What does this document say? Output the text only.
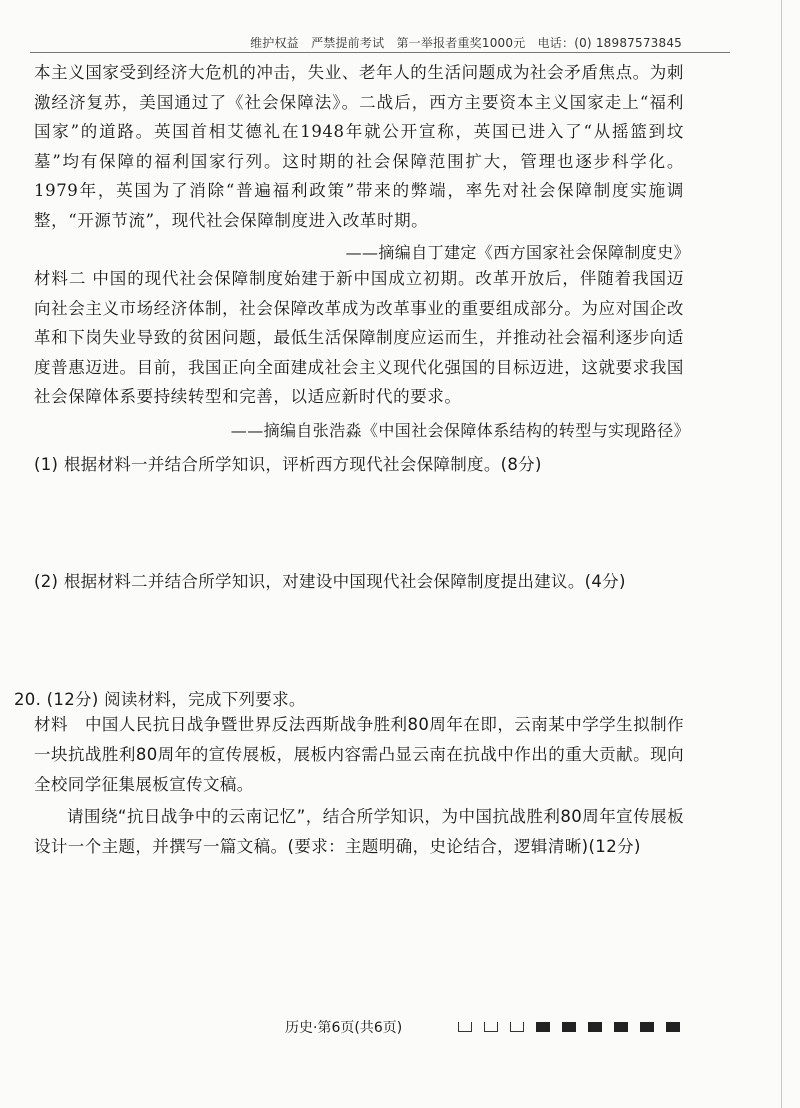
维护权益　严禁提前考试　第一举报者重奖1000元　电话：(0) 18987573845
本主义国家受到经济大危机的冲击，失业、老年人的生活问题成为社会矛盾焦点。为刺激经济复苏，美国通过了《社会保障法》。二战后，西方主要资本主义国家走上“福利国家”的道路。英国首相艾德礼在1948年就公开宣称，英国已进入了“从摇篮到坟墓”均有保障的福利国家行列。这时期的社会保障范围扩大，管理也逐步科学化。1979年，英国为了消除“普遍福利政策”带来的弊端，率先对社会保障制度实施调整，“开源节流”，现代社会保障制度进入改革时期。
——摘编自丁建定《西方国家社会保障制度史》
材料二 中国的现代社会保障制度始建于新中国成立初期。改革开放后，伴随着我国迈向社会主义市场经济体制，社会保障改革成为改革事业的重要组成部分。为应对国企改革和下岗失业导致的贫困问题，最低生活保障制度应运而生，并推动社会福利逐步向适度普惠迈进。目前，我国正向全面建成社会主义现代化强国的目标迈进，这就要求我国社会保障体系要持续转型和完善，以适应新时代的要求。
——摘编自张浩淼《中国社会保障体系结构的转型与实现路径》
(1) 根据材料一并结合所学知识，评析西方现代社会保障制度。(8分)
(2) 根据材料二并结合所学知识，对建设中国现代社会保障制度提出建议。(4分)
20. (12分) 阅读材料，完成下列要求。
材料　 中国人民抗日战争暨世界反法西斯战争胜利80周年在即，云南某中学学生拟制作一块抗战胜利80周年的宣传展板，展板内容需凸显云南在抗战中作出的重大贡献。现向全校同学征集展板宣传文稿。
请围绕“抗日战争中的云南记忆”，结合所学知识，为中国抗战胜利80周年宣传展板设计一个主题，并撰写一篇文稿。(要求：主题明确，史论结合，逻辑清晰)(12分)
历史·第6页(共6页)
